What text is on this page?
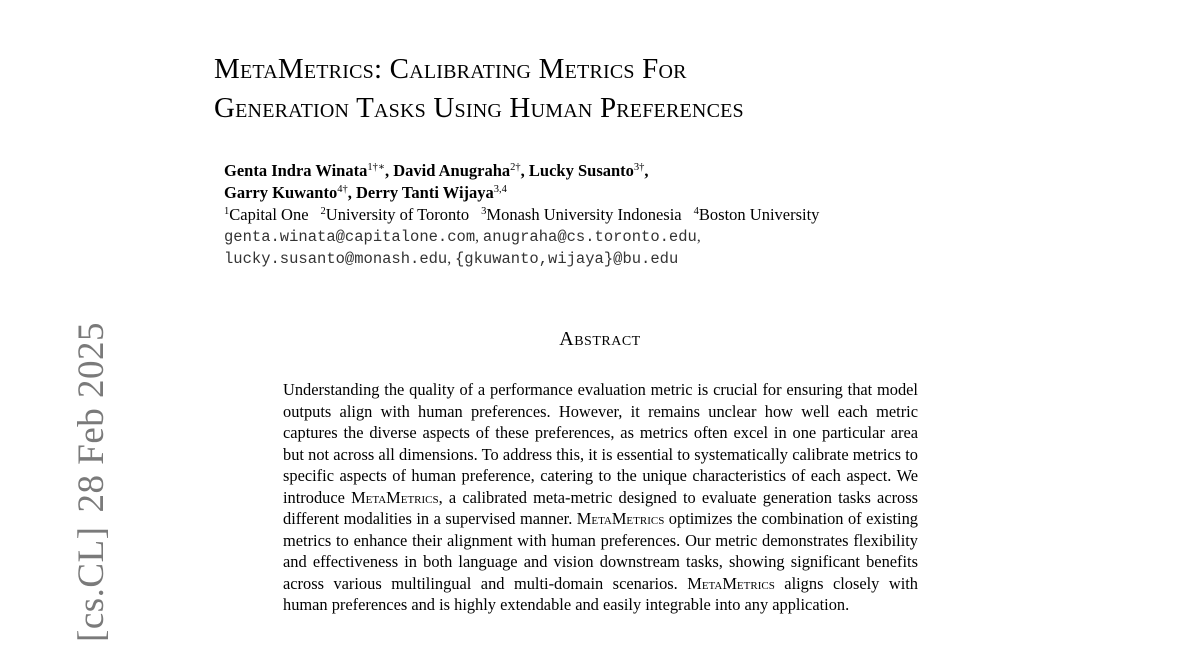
[cs.CL]28 Feb 2025
MetaMetrics: Calibrating Metrics For
Generation Tasks Using Human Preferences
Genta Indra Winata$^{1\dagger∗}$, David Anugraha$^{2\dagger}$, Lucky Susanto$^{3\dagger}$,
Garry Kuwanto$^{4\dagger}$, Derry Tanti Wijaya$^{3,4}$
$^1$Capital One $^2$University of Toronto $^3$Monash University Indonesia $^4$Boston University
genta.winata@capitalone.com, anugraha@cs.toronto.edu,
lucky.susanto@monash.edu, {gkuwanto,wijaya}@bu.edu
Abstract

Understanding the quality of a performance evaluation metric is crucial for ensuring that model outputs align with human preferences. However, it remains unclear how well each metric captures the diverse aspects of these preferences, as metrics often excel in one particular area but not across all dimensions. To address this, it is essential to systematically calibrate metrics to specific aspects of human preference, catering to the unique characteristics of each aspect. We introduce MetaMetrics, a calibrated meta-metric designed to evaluate generation tasks across different modalities in a supervised manner. MetaMetrics optimizes the combination of existing metrics to enhance their alignment with human preferences. Our metric demonstrates flexibility and effectiveness in both language and vision downstream tasks, showing significant benefits across various multilingual and multi-domain scenarios. MetaMetrics aligns closely with human preferences and is highly extendable and easily integrable into any application.
